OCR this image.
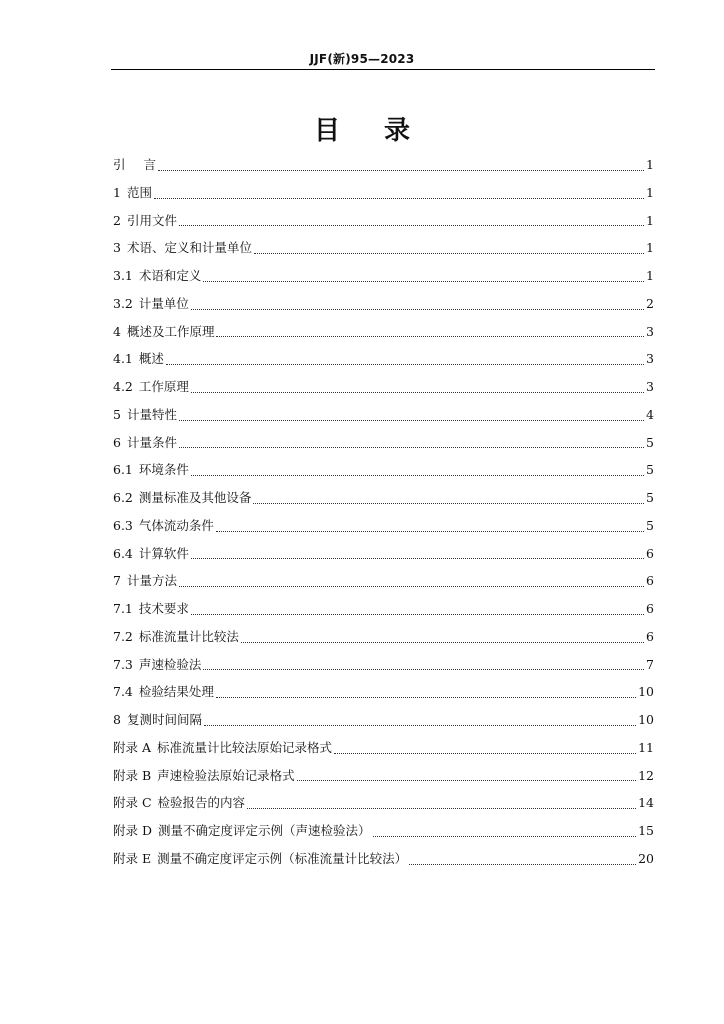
JJF(新)95—2023
目录
引 言	1
1 范围	1
2 引用文件	1
3 术语、定义和计量单位	1
3.1 术语和定义	1
3.2 计量单位	2
4 概述及工作原理	3
4.1 概述	3
4.2 工作原理	3
5 计量特性	4
6 计量条件	5
6.1 环境条件	5
6.2 测量标准及其他设备	5
6.3 气体流动条件	5
6.4 计算软件	6
7 计量方法	6
7.1 技术要求	6
7.2 标准流量计比较法	6
7.3 声速检验法	7
7.4 检验结果处理	10
8 复测时间间隔	10
附录 A 标准流量计比较法原始记录格式	11
附录 B 声速检验法原始记录格式	12
附录 C 检验报告的内容	14
附录 D 测量不确定度评定示例（声速检验法）	15
附录 E 测量不确定度评定示例（标准流量计比较法）	20
